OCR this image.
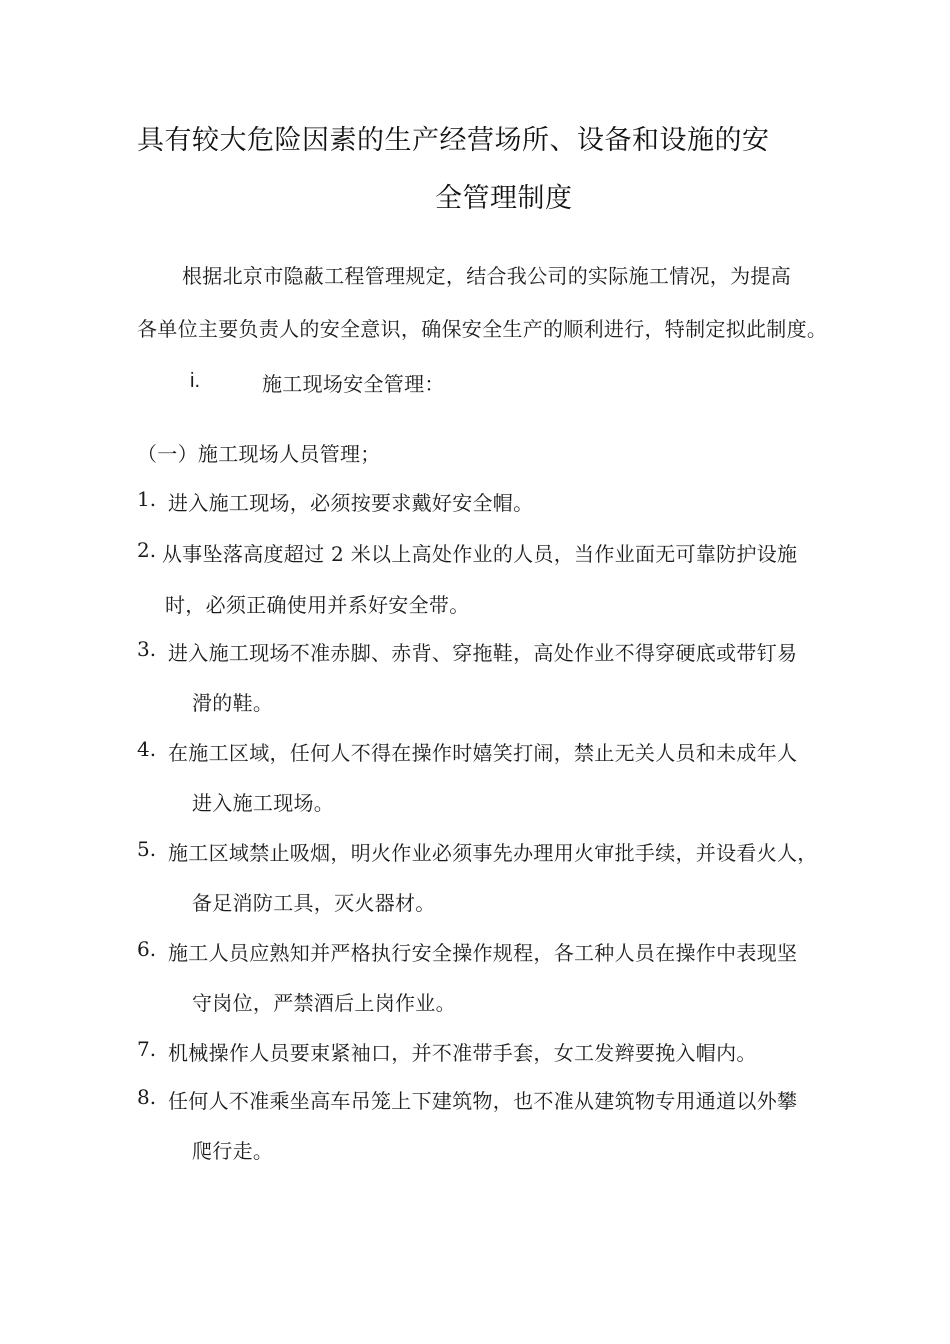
具有较大危险因素的生产经营场所、设备和设施的安
全管理制度
根据北京市隐蔽工程管理规定，结合我公司的实际施工情况，为提高
各单位主要负责人的安全意识，确保安全生产的顺利进行，特制定拟此制度。
i.	施工现场安全管理：
（一）施工现场人员管理；
1. 进入施工现场，必须按要求戴好安全帽。
2. 从事坠落高度超过 2 米以上高处作业的人员，当作业面无可靠防护设施
时，必须正确使用并系好安全带。
3. 进入施工现场不准赤脚、赤背、穿拖鞋，高处作业不得穿硬底或带钉易
滑的鞋。
4. 在施工区域，任何人不得在操作时嬉笑打闹，禁止无关人员和未成年人
进入施工现场。
5. 施工区域禁止吸烟，明火作业必须事先办理用火审批手续，并设看火人，
备足消防工具，灭火器材。
6. 施工人员应熟知并严格执行安全操作规程，各工种人员在操作中表现坚
守岗位，严禁酒后上岗作业。
7. 机械操作人员要束紧袖口，并不准带手套，女工发辫要挽入帽内。
8. 任何人不准乘坐高车吊笼上下建筑物，也不准从建筑物专用通道以外攀
爬行走。
